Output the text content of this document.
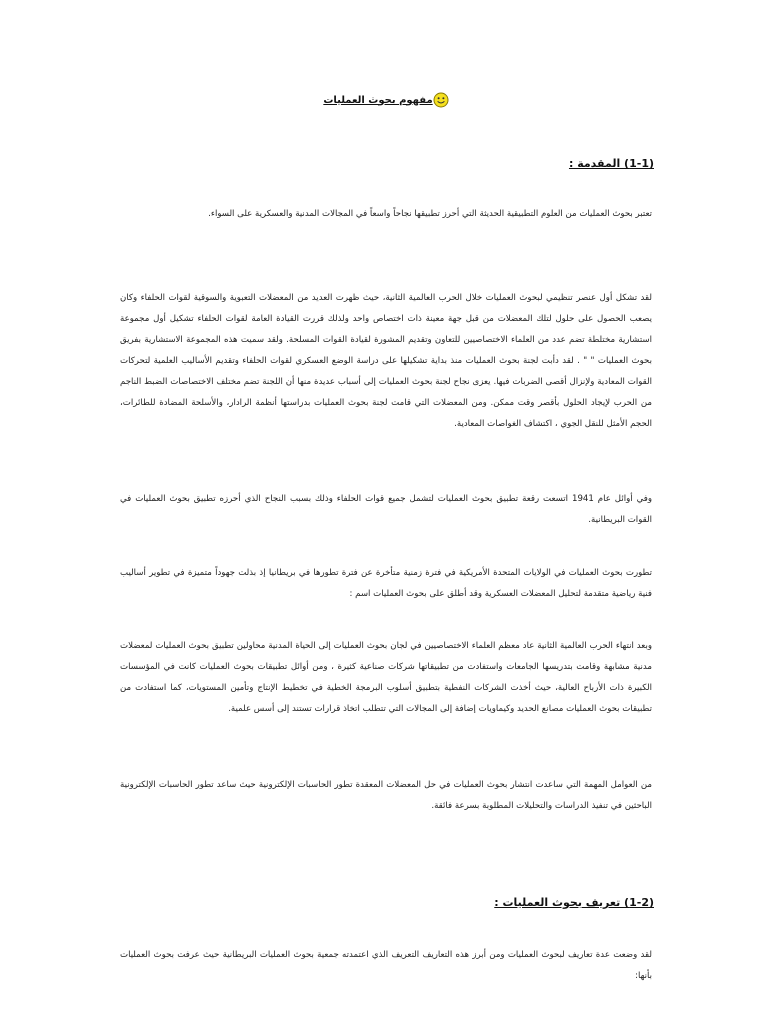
مفهوم بحوث العمليات
(1-1) المقدمة :

تعتبر بحوث العمليات من العلوم التطبيقية الحديثة التي أحرز تطبيقها نجاحاً واسعاً في المجالات المدنية والعسكرية على السواء.

لقد تشكل أول عنصر تنظيمي لبحوث العمليات خلال الحرب العالمية الثانية، حيث ظهرت العديد من المعضلات التعبوية والسوقية لقوات الحلفاء وكان يصعب الحصول على حلول لتلك المعضلات من قبل جهة معينة ذات اختصاص واحد ولذلك قررت القيادة العامة لقوات الحلفاء تشكيل أول مجموعة استشارية مختلطة تضم عدد من العلماء الاختصاصيين للتعاون وتقديم المشورة لقيادة القوات المسلحة. ولقد سميت هذه المجموعة الاستشارية بفريق بحوث العمليات " " . لقد دأبت لجنة بحوث العمليات منذ بداية تشكيلها على دراسة الوضع العسكري لقوات الحلفاء وتقديم الأساليب العلمية لتحركات القوات المعادية ولإنزال أقصى الضربات فيها. يعزى نجاح لجنة بحوث العمليات إلى أسباب عديدة منها أن اللجنة تضم مختلف الاختصاصات الضبط الناجم من الحرب لإيجاد الحلول بأقصر وقت ممكن. ومن المعضلات التي قامت لجنة بحوث العمليات بدراستها أنظمة الرادار، والأسلحة المضادة للطائرات، الحجم الأمثل للنقل الجوي ، اكتشاف الغواصات المعادية.

وفي أوائل عام 1941 اتسعت رقعة تطبيق بحوث العمليات لتشمل جميع قوات الحلفاء وذلك بسبب النجاح الذي أحرزه تطبيق بحوث العمليات في القوات البريطانية.

تطورت بحوث العمليات في الولايات المتحدة الأمريكية في فترة زمنية متأخرة عن فترة تطورها في بريطانيا إذ بذلت جهوداً متميزة في تطوير أساليب فنية رياضية متقدمة لتحليل المعضلات العسكرية وقد أطلق على بحوث العمليات اسم :

وبعد انتهاء الحرب العالمية الثانية عاد معظم العلماء الاختصاصيين في لجان بحوث العمليات إلى الحياة المدنية محاولين تطبيق بحوث العمليات لمعضلات مدنية مشابهة وقامت بتدريسها الجامعات واستفادت من تطبيقاتها شركات صناعية كثيرة ، ومن أوائل تطبيقات بحوث العمليات كانت في المؤسسات الكبيرة ذات الأرباح العالية، حيث أخذت الشركات النفطية بتطبيق أسلوب البرمجة الخطية في تخطيط الإنتاج وتأمين المستويات، كما استفادت من تطبيقات بحوث العمليات مصانع الحديد وكيماويات إضافة إلى المجالات التي تتطلب اتخاذ قرارات تستند إلى أسس علمية.

من العوامل المهمة التي ساعدت انتشار بحوث العمليات في حل المعضلات المعقدة تطور الحاسبات الإلكترونية حيث ساعد تطور الحاسبات الإلكترونية الباحثين في تنفيذ الدراسات والتحليلات المطلوبة بسرعة فائقة.

(1-2) تعريف بحوث العمليات :

لقد وضعت عدة تعاريف لبحوث العمليات ومن أبرز هذه التعاريف التعريف الذي اعتمدته جمعية بحوث العمليات البريطانية حيث عرفت بحوث العمليات بأنها:
